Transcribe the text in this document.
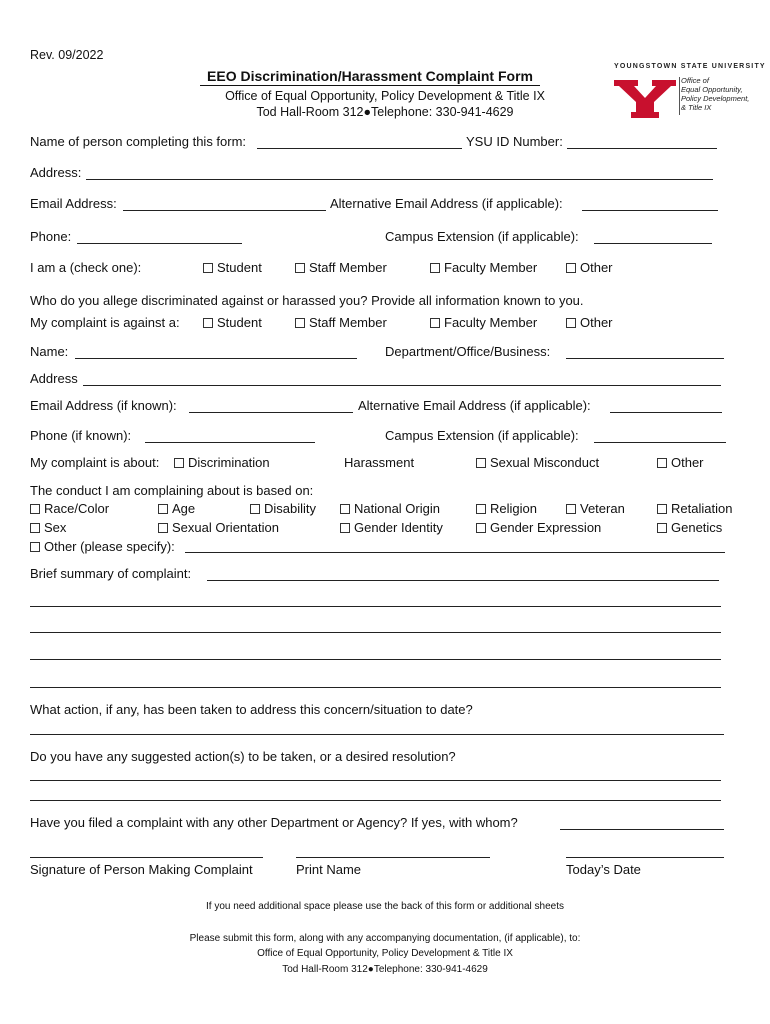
Rev. 09/2022
EEO Discrimination/Harassment Complaint Form
Office of Equal Opportunity, Policy Development & Title IX
Tod Hall-Room 312●Telephone: 330-941-4629
YOUNGSTOWN STATE UNIVERSITY
Office of
Equal Opportunity,
Policy Development,
& Title IX
Name of person completing this form:	YSU ID Number:
Address:
Email Address:	Alternative Email Address (if applicable):
Phone:	Campus Extension (if applicable):
I am a (check one):	Student	Staff Member	Faculty Member	Other
Who do you allege discriminated against or harassed you? Provide all information known to you.
My complaint is against a:	Student	Staff Member	Faculty Member	Other
Name:	Department/Office/Business:
Address
Email Address (if known):	Alternative Email Address (if applicable):
Phone (if known):	Campus Extension (if applicable):
My complaint is about: Discrimination	Harassment	Sexual Misconduct	Other
The conduct I am complaining about is based on:
Race/Color	Age	Disability	National Origin	Religion	Veteran	Retaliation
Sex	Sexual Orientation	Gender Identity	Gender Expression	Genetics
Other (please specify):
Brief summary of complaint:
What action, if any, has been taken to address this concern/situation to date?
Do you have any suggested action(s) to be taken, or a desired resolution?
Have you filed a complaint with any other Department or Agency? If yes, with whom?
Signature of Person Making Complaint	Print Name	Today’s Date
If you need additional space please use the back of this form or additional sheets
Please submit this form, along with any accompanying documentation, (if applicable), to:
Office of Equal Opportunity, Policy Development & Title IX
Tod Hall-Room 312●Telephone: 330-941-4629
